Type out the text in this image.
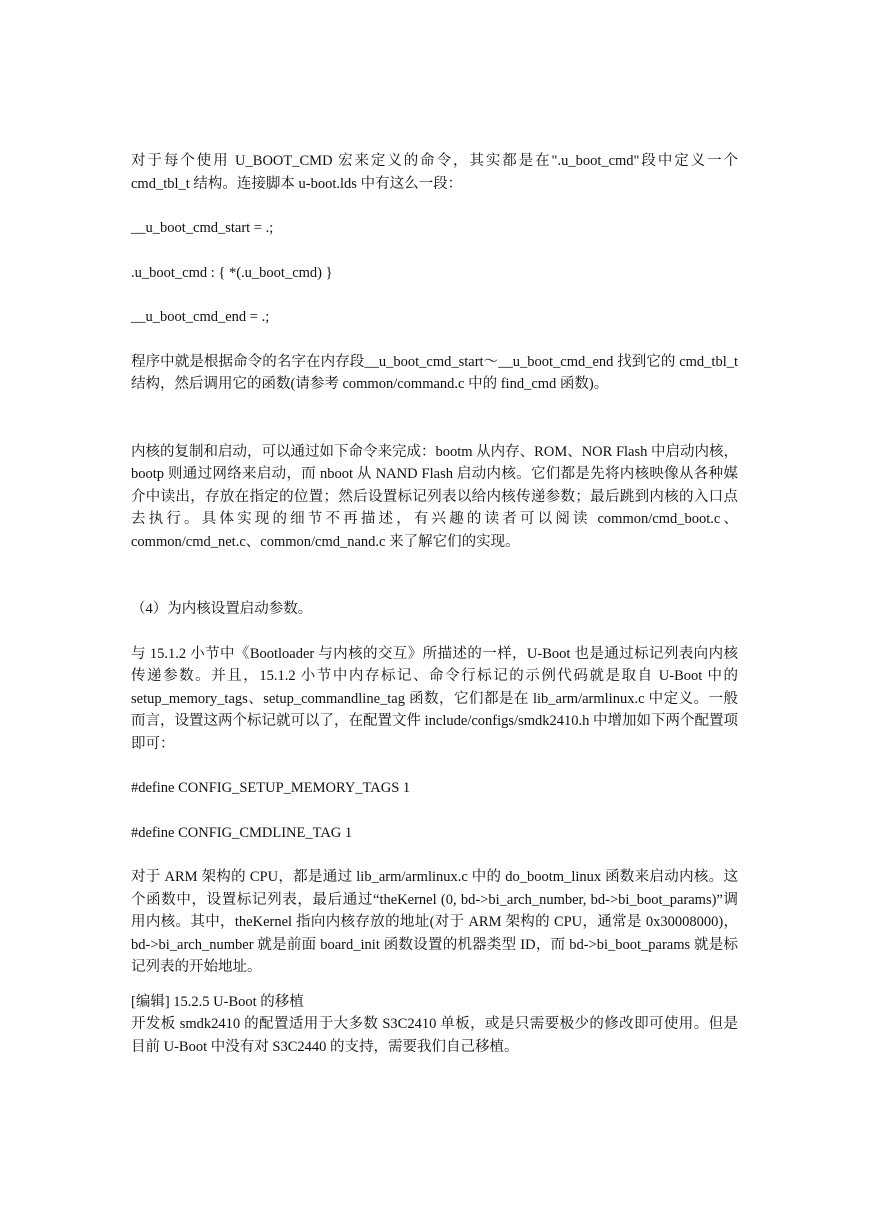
对于每个使用 U_BOOT_CMD 宏来定义的命令，其实都是在".u_boot_cmd"段中定义一个 cmd_tbl_t 结构。连接脚本 u-boot.lds 中有这么一段：

__u_boot_cmd_start = .;

.u_boot_cmd : { *(.u_boot_cmd) }

__u_boot_cmd_end = .;

程序中就是根据命令的名字在内存段__u_boot_cmd_start～__u_boot_cmd_end 找到它的 cmd_tbl_t 结构，然后调用它的函数(请参考 common/command.c 中的 find_cmd 函数)。

内核的复制和启动，可以通过如下命令来完成：bootm 从内存、ROM、NOR Flash 中启动内核，bootp 则通过网络来启动，而 nboot 从 NAND Flash 启动内核。它们都是先将内核映像从各种媒介中读出，存放在指定的位置；然后设置标记列表以给内核传递参数；最后跳到内核的入口点去执行。具体实现的细节不再描述，有兴趣的读者可以阅读 common/cmd_boot.c、common/cmd_net.c、common/cmd_nand.c 来了解它们的实现。

（4）为内核设置启动参数。

与 15.1.2 小节中《Bootloader 与内核的交互》所描述的一样，U-Boot 也是通过标记列表向内核传递参数。并且，15.1.2 小节中内存标记、命令行标记的示例代码就是取自 U-Boot 中的 setup_memory_tags、setup_commandline_tag 函数，它们都是在 lib_arm/armlinux.c 中定义。一般而言，设置这两个标记就可以了，在配置文件 include/configs/smdk2410.h 中增加如下两个配置项即可：

#define CONFIG_SETUP_MEMORY_TAGS 1

#define CONFIG_CMDLINE_TAG 1

对于 ARM 架构的 CPU，都是通过 lib_arm/armlinux.c 中的 do_bootm_linux 函数来启动内核。这个函数中，设置标记列表，最后通过“theKernel (0, bd->bi_arch_number, bd->bi_boot_params)”调用内核。其中，theKernel 指向内核存放的地址(对于 ARM 架构的 CPU，通常是 0x30008000)，bd->bi_arch_number 就是前面 board_init 函数设置的机器类型 ID，而 bd->bi_boot_params 就是标记列表的开始地址。

[编辑] 15.2.5 U-Boot 的移植

开发板 smdk2410 的配置适用于大多数 S3C2410 单板，或是只需要极少的修改即可使用。但是目前 U-Boot 中没有对 S3C2440 的支持，需要我们自己移植。
